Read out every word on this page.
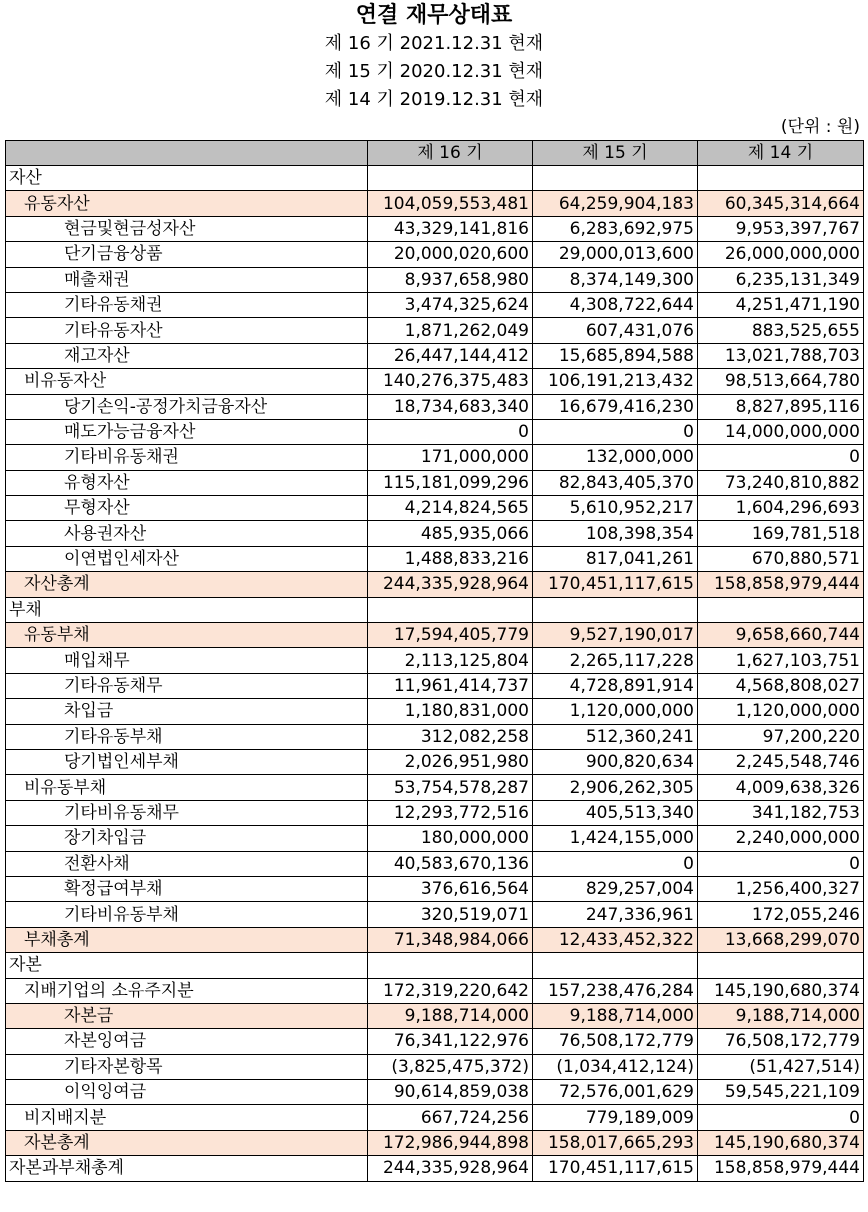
연결 재무상태표
제 16 기 2021.12.31 현재
제 15 기 2020.12.31 현재
제 14 기 2019.12.31 현재
(단위 : 원)
	제 16 기	제 15 기	제 14 기
자산			
유동자산	104,059,553,481	64,259,904,183	60,345,314,664
현금및현금성자산	43,329,141,816	6,283,692,975	9,953,397,767
단기금융상품	20,000,020,600	29,000,013,600	26,000,000,000
매출채권	8,937,658,980	8,374,149,300	6,235,131,349
기타유동채권	3,474,325,624	4,308,722,644	4,251,471,190
기타유동자산	1,871,262,049	607,431,076	883,525,655
재고자산	26,447,144,412	15,685,894,588	13,021,788,703
비유동자산	140,276,375,483	106,191,213,432	98,513,664,780
당기손익-공정가치금융자산	18,734,683,340	16,679,416,230	8,827,895,116
매도가능금융자산	0	0	14,000,000,000
기타비유동채권	171,000,000	132,000,000	0
유형자산	115,181,099,296	82,843,405,370	73,240,810,882
무형자산	4,214,824,565	5,610,952,217	1,604,296,693
사용권자산	485,935,066	108,398,354	169,781,518
이연법인세자산	1,488,833,216	817,041,261	670,880,571
자산총계	244,335,928,964	170,451,117,615	158,858,979,444
부채			
유동부채	17,594,405,779	9,527,190,017	9,658,660,744
매입채무	2,113,125,804	2,265,117,228	1,627,103,751
기타유동채무	11,961,414,737	4,728,891,914	4,568,808,027
차입금	1,180,831,000	1,120,000,000	1,120,000,000
기타유동부채	312,082,258	512,360,241	97,200,220
당기법인세부채	2,026,951,980	900,820,634	2,245,548,746
비유동부채	53,754,578,287	2,906,262,305	4,009,638,326
기타비유동채무	12,293,772,516	405,513,340	341,182,753
장기차입금	180,000,000	1,424,155,000	2,240,000,000
전환사채	40,583,670,136	0	0
확정급여부채	376,616,564	829,257,004	1,256,400,327
기타비유동부채	320,519,071	247,336,961	172,055,246
부채총계	71,348,984,066	12,433,452,322	13,668,299,070
자본			
지배기업의 소유주지분	172,319,220,642	157,238,476,284	145,190,680,374
자본금	9,188,714,000	9,188,714,000	9,188,714,000
자본잉여금	76,341,122,976	76,508,172,779	76,508,172,779
기타자본항목	(3,825,475,372)	(1,034,412,124)	(51,427,514)
이익잉여금	90,614,859,038	72,576,001,629	59,545,221,109
비지배지분	667,724,256	779,189,009	0
자본총계	172,986,944,898	158,017,665,293	145,190,680,374
자본과부채총계	244,335,928,964	170,451,117,615	158,858,979,444
